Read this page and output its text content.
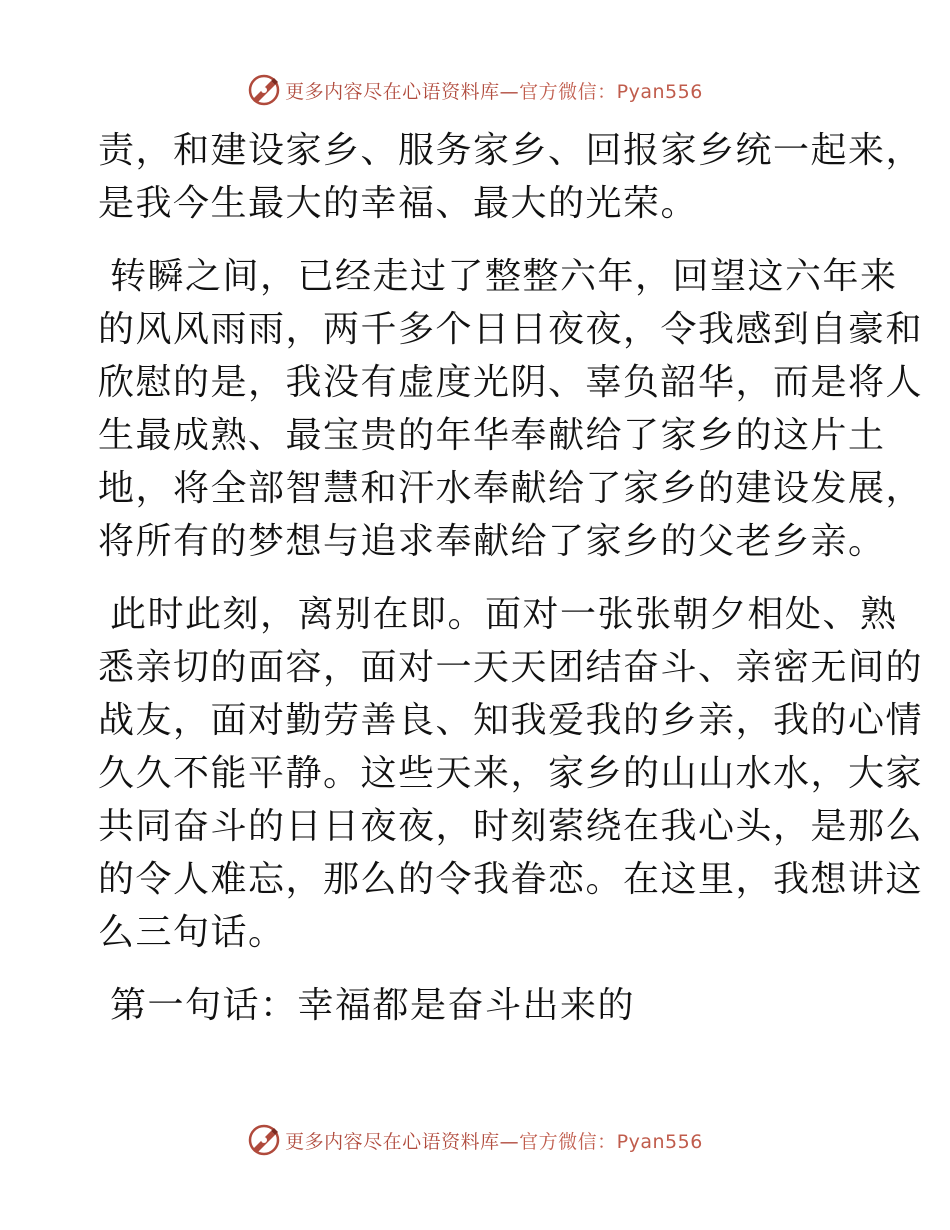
更多内容尽在心语资料库—官方微信：Pyan556
责，和建设家乡、服务家乡、回报家乡统一起来，
是我今生最大的幸福、最大的光荣。
转瞬之间，已经走过了整整六年，回望这六年来
的风风雨雨，两千多个日日夜夜，令我感到自豪和
欣慰的是，我没有虚度光阴、辜负韶华，而是将人
生最成熟、最宝贵的年华奉献给了家乡的这片土
地，将全部智慧和汗水奉献给了家乡的建设发展，
将所有的梦想与追求奉献给了家乡的父老乡亲。
此时此刻，离别在即。面对一张张朝夕相处、熟
悉亲切的面容，面对一天天团结奋斗、亲密无间的
战友，面对勤劳善良、知我爱我的乡亲，我的心情
久久不能平静。这些天来，家乡的山山水水，大家
共同奋斗的日日夜夜，时刻萦绕在我心头，是那么
的令人难忘，那么的令我眷恋。在这里，我想讲这
么三句话。
第一句话：幸福都是奋斗出来的
更多内容尽在心语资料库—官方微信：Pyan556
